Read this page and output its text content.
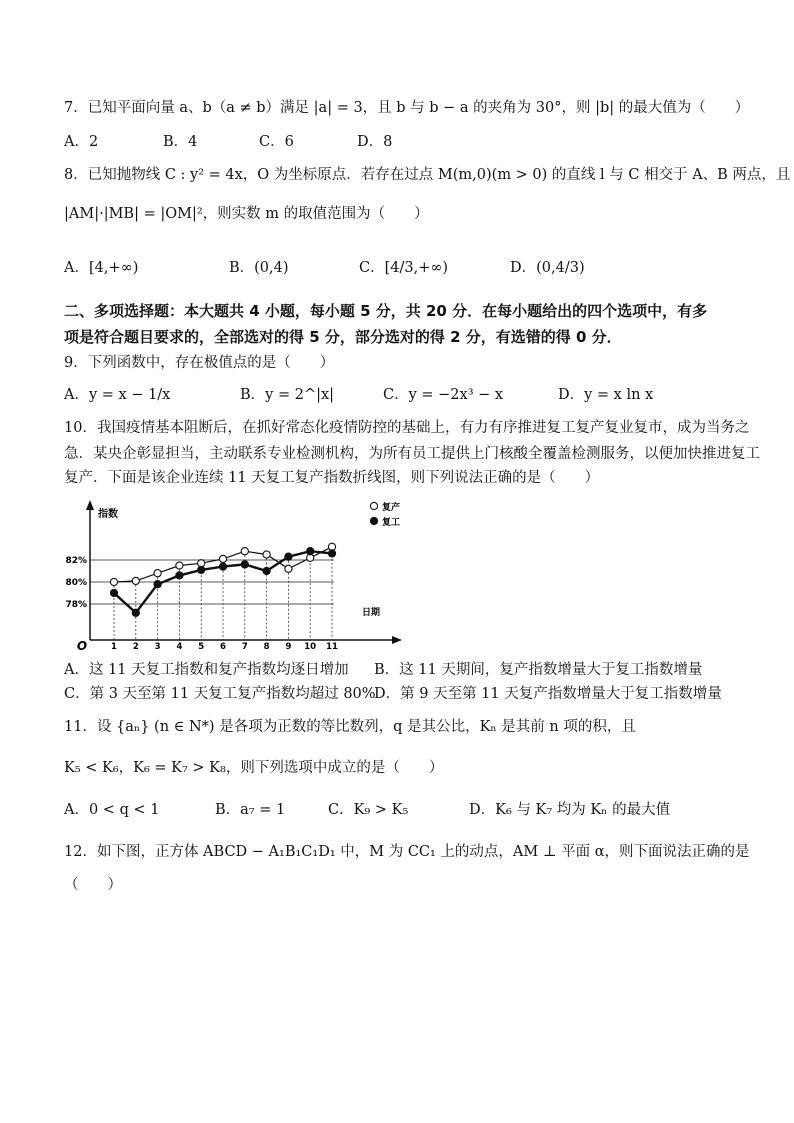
7．已知平面向量 a、b（a ≠ b）满足 |a| = 3，且 b 与 b − a 的夹角为 30°，则 |b| 的最大值为（　　）
A．2	B．4	C．6	D．8
8．已知抛物线 C : y² = 4x，O 为坐标原点．若存在过点 M(m,0)(m > 0) 的直线 l 与 C 相交于 A、B 两点，且
|AM|·|MB| = |OM|²，则实数 m 的取值范围为（　　）
A．[4,+∞)	B．(0,4)	C．[4/3,+∞)	D．(0,4/3)
二、多项选择题：本大题共 4 小题，每小题 5 分，共 20 分．在每小题给出的四个选项中，有多
项是符合题目要求的，全部选对的得 5 分，部分选对的得 2 分，有选错的得 0 分．
9．下列函数中，存在极值点的是（　　）
A．y = x − 1/x	B．y = 2^|x|	C．y = −2x³ − x	D．y = x ln x
10．我国疫情基本阻断后，在抓好常态化疫情防控的基础上，有力有序推进复工复产复业复市，成为当务之
急．某央企彰显担当，主动联系专业检测机构，为所有员工提供上门核酸全覆盖检测服务，以便加快推进复工
复产．下面是该企业连续 11 天复工复产指数折线图，则下列说法正确的是（　　）
78%
80%
82%
1 2 3 4 5 6 7 8 9 10 11
复产
复工
指数
日期
O
A．这 11 天复工指数和复产指数均逐日增加 B．这 11 天期间，复产指数增量大于复工指数增量
C．第 3 天至第 11 天复工复产指数均超过 80%
D．第 9 天至第 11 天复产指数增量大于复工指数增量
11．设 {aₙ} (n ∈ N*) 是各项为正数的等比数列，q 是其公比，Kₙ 是其前 n 项的积，且
K₅ < K₆，K₆ = K₇ > K₈，则下列选项中成立的是（　　）
A．0 < q < 1	B．a₇ = 1	C．K₉ > K₅	D．K₆ 与 K₇ 均为 Kₙ 的最大值
12．如下图，正方体 ABCD − A₁B₁C₁D₁ 中，M 为 CC₁ 上的动点，AM ⊥ 平面 α，则下面说法正确的是
（　　）
